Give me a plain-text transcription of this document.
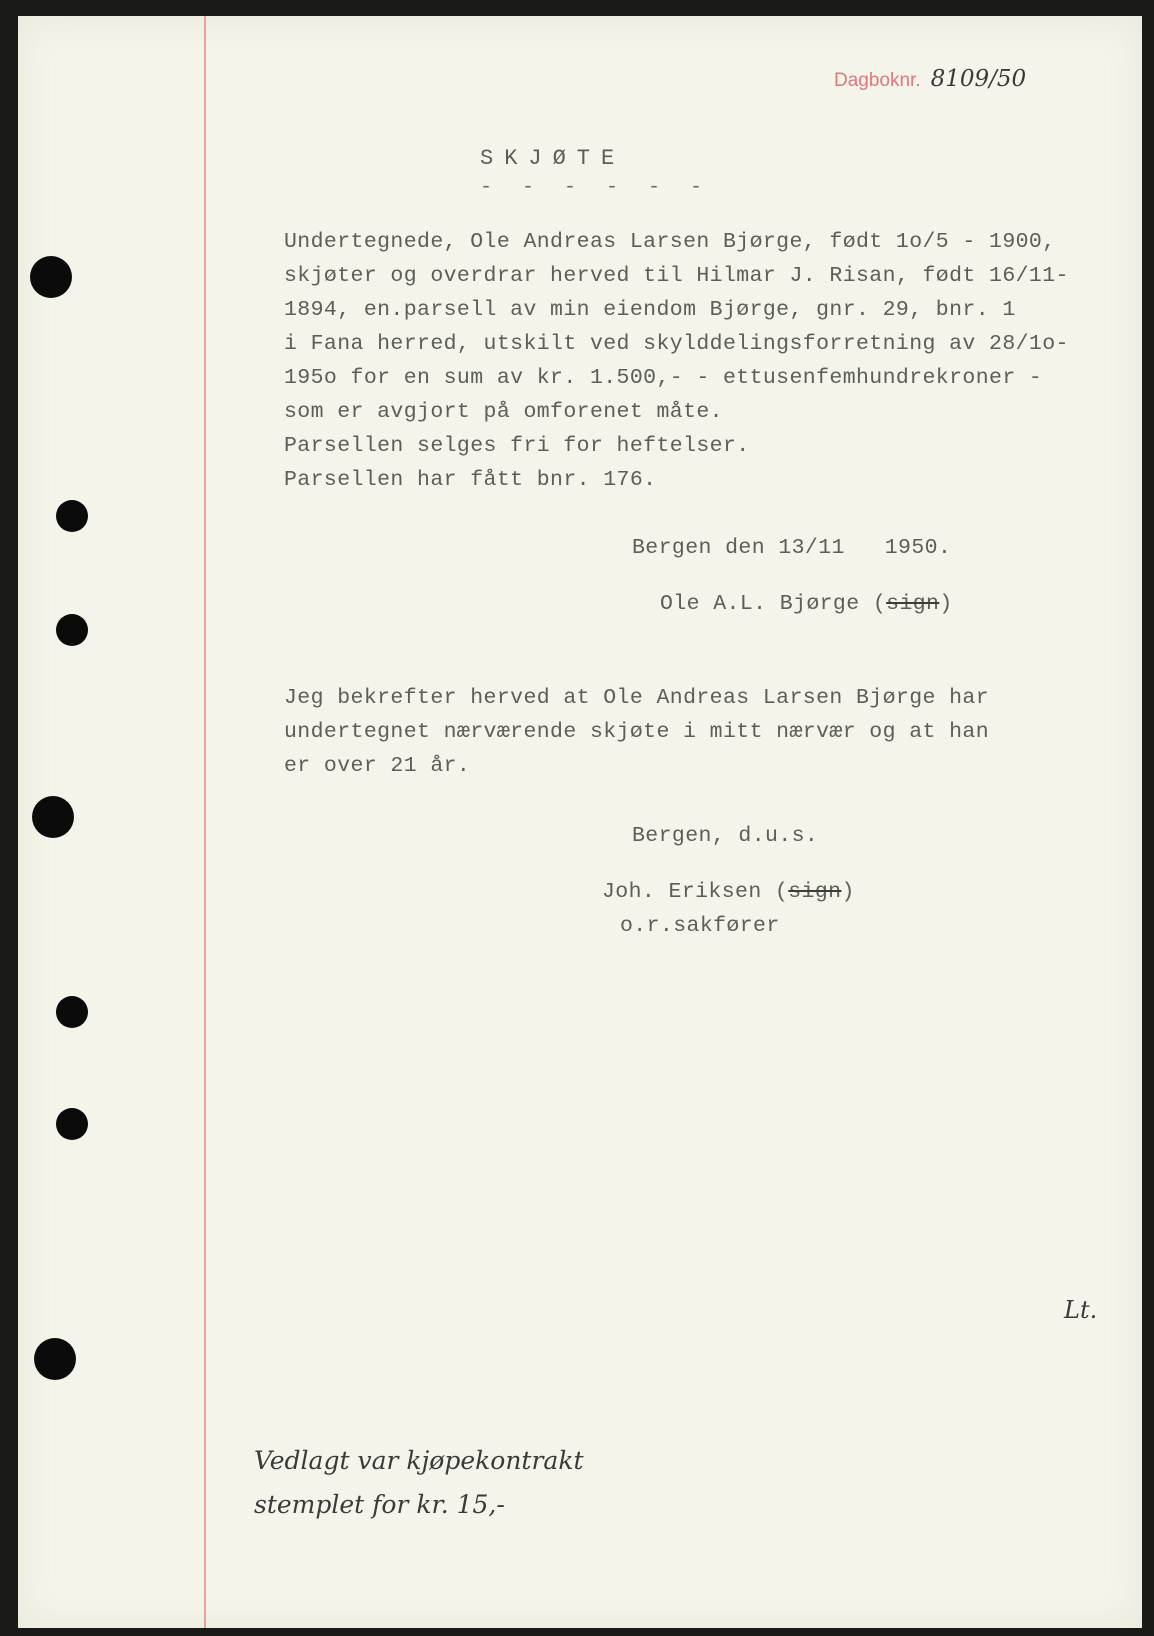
Dagboknr. 8109/50

SKJØTE

- - - - - -

Undertegnede, Ole Andreas Larsen Bjørge, født 1o/5 - 1900,

skjøter og overdrar herved til Hilmar J. Risan, født 16/11-

1894, en.parsell av min eiendom Bjørge, gnr. 29, bnr. 1

i Fana herred, utskilt ved skylddelingsforretning av 28/1o-

195o for en sum av kr. 1.500,- - ettusenfemhundrekroner -

som er avgjort på omforenet måte.

Parsellen selges fri for heftelser.

Parsellen har fått bnr. 176.

Bergen den 13/11   1950.

Ole A.L. Bjørge (sign)

Jeg bekrefter herved at Ole Andreas Larsen Bjørge har

undertegnet nærværende skjøte i mitt nærvær og at han

er over 21 år.

Bergen, d.u.s.

Joh. Eriksen (sign)

o.r.sakfører

Lt.
Vedlagt var kjøpekontrakt
stemplet for kr. 15,-
